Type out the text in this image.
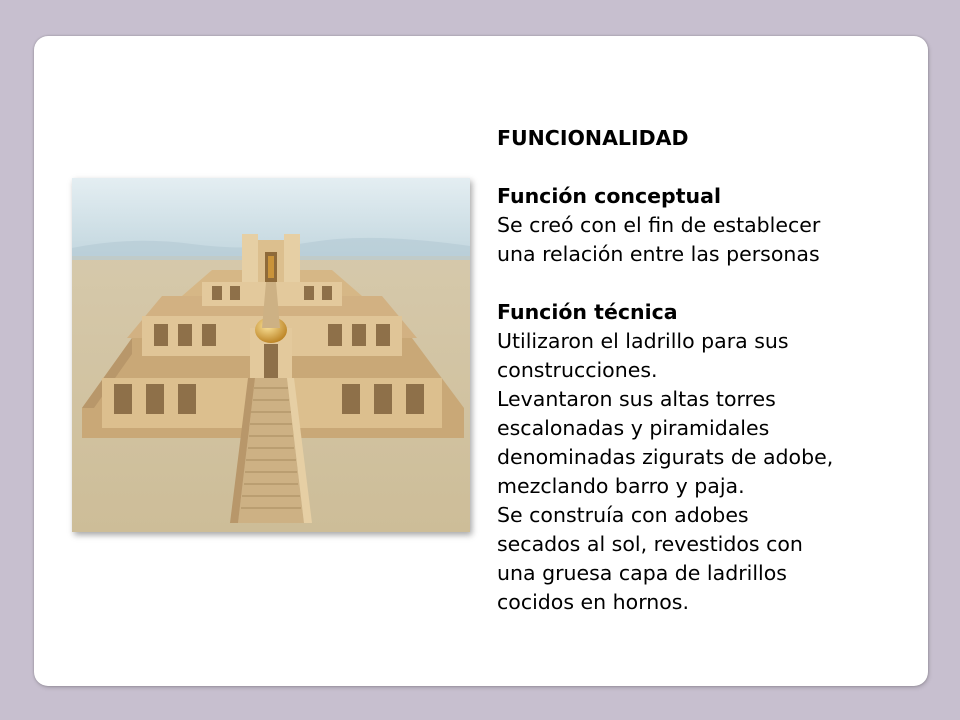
FUNCIONALIDAD

Función conceptual

Se creó con el fin de establecer

una relación entre las personas

Función técnica

Utilizaron el ladrillo para sus

construcciones.

Levantaron sus altas torres

escalonadas y piramidales

denominadas zigurats de adobe,

mezclando barro y paja.

Se construía con adobes

secados al sol, revestidos con

una gruesa capa de ladrillos

cocidos en hornos.
